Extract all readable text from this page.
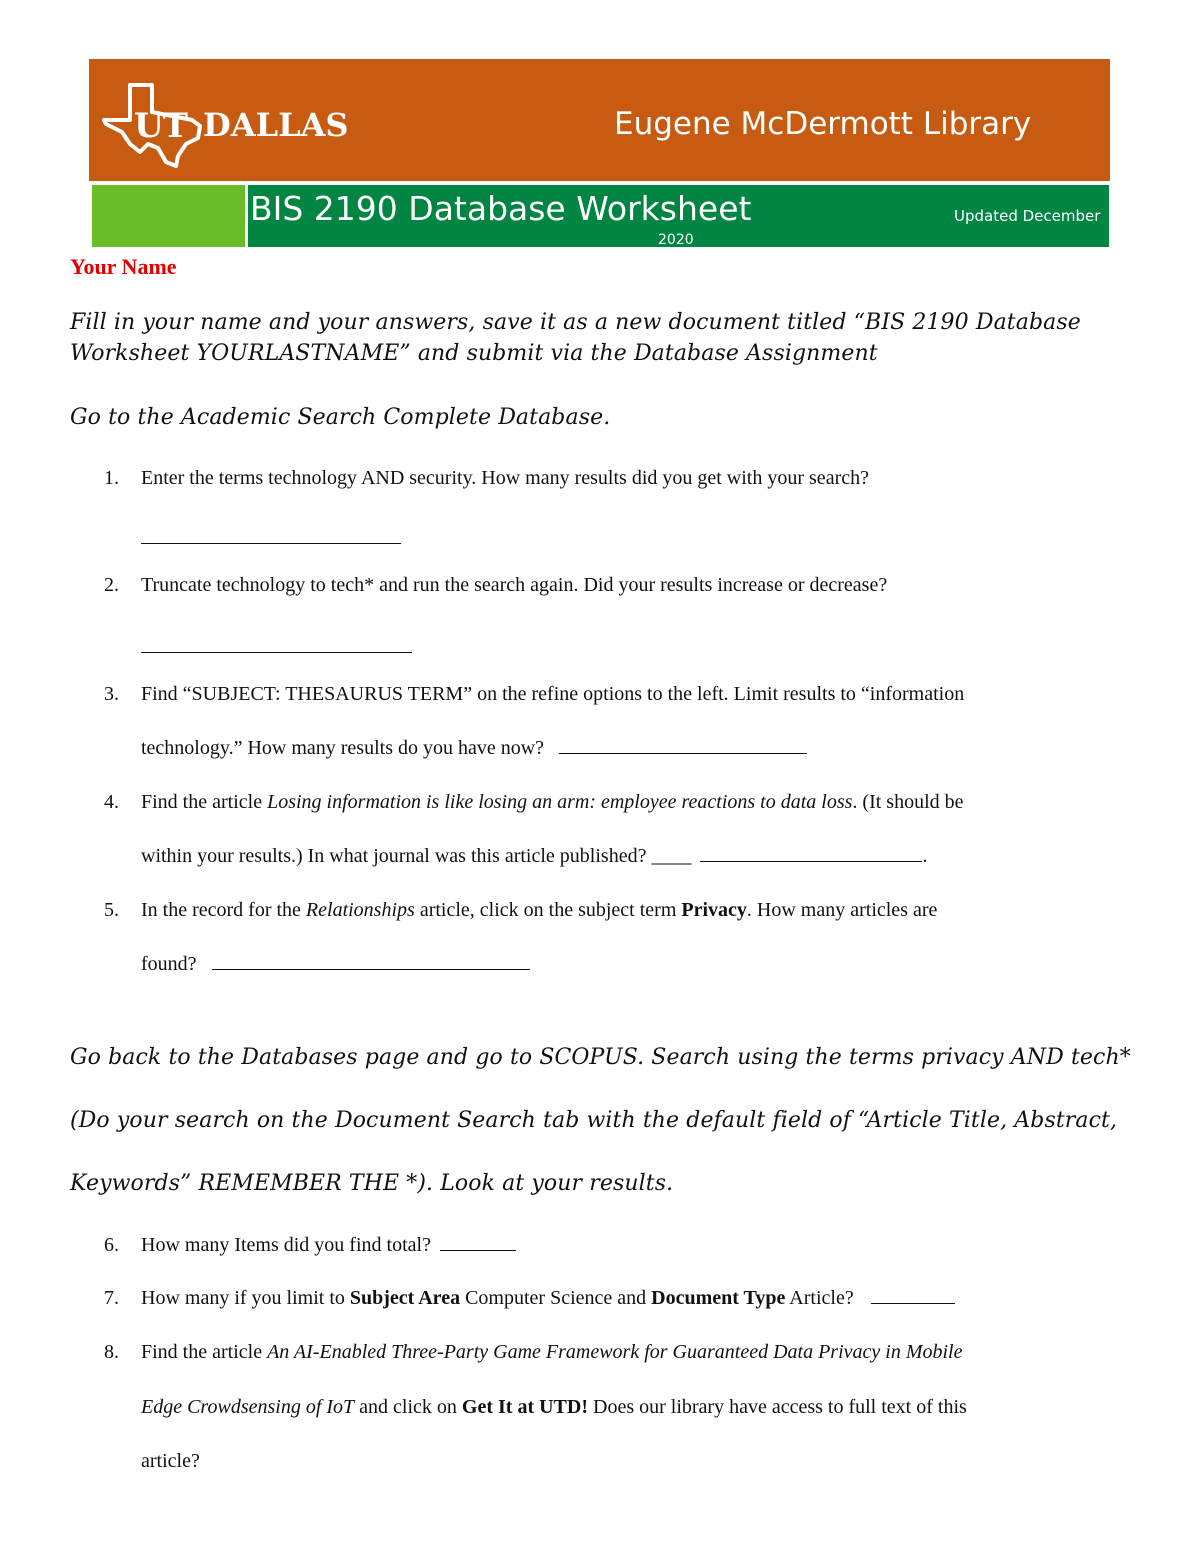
UT DALLAS	Eugene McDermott Library
BIS 2190 Database Worksheet	Updated December
2020
Your Name
Fill in your name and your answers, save it as a new document titled “BIS 2190 Database
Worksheet YOURLASTNAME” and submit via the Database Assignment
Go to the Academic Search Complete Database.
1. Enter the terms technology AND security. How many results did you get with your search?
2. Truncate technology to tech* and run the search again. Did your results increase or decrease?
3. Find “SUBJECT: THESAURUS TERM” on the refine options to the left. Limit results to “information
technology.” How many results do you have now?
4. Find the article Losing information is like losing an arm: employee reactions to data loss. (It should be
within your results.) In what journal was this article published? ____	.
5. In the record for the Relationships article, click on the subject term Privacy. How many articles are
found?
Go back to the Databases page and go to SCOPUS. Search using the terms privacy AND tech*
(Do your search on the Document Search tab with the default field of “Article Title, Abstract,
Keywords” REMEMBER THE *). Look at your results.
6. How many Items did you find total?
7. How many if you limit to Subject Area Computer Science and Document Type Article?
8. Find the article An AI-Enabled Three-Party Game Framework for Guaranteed Data Privacy in Mobile
Edge Crowdsensing of IoT and click on Get It at UTD! Does our library have access to full text of this
article?
